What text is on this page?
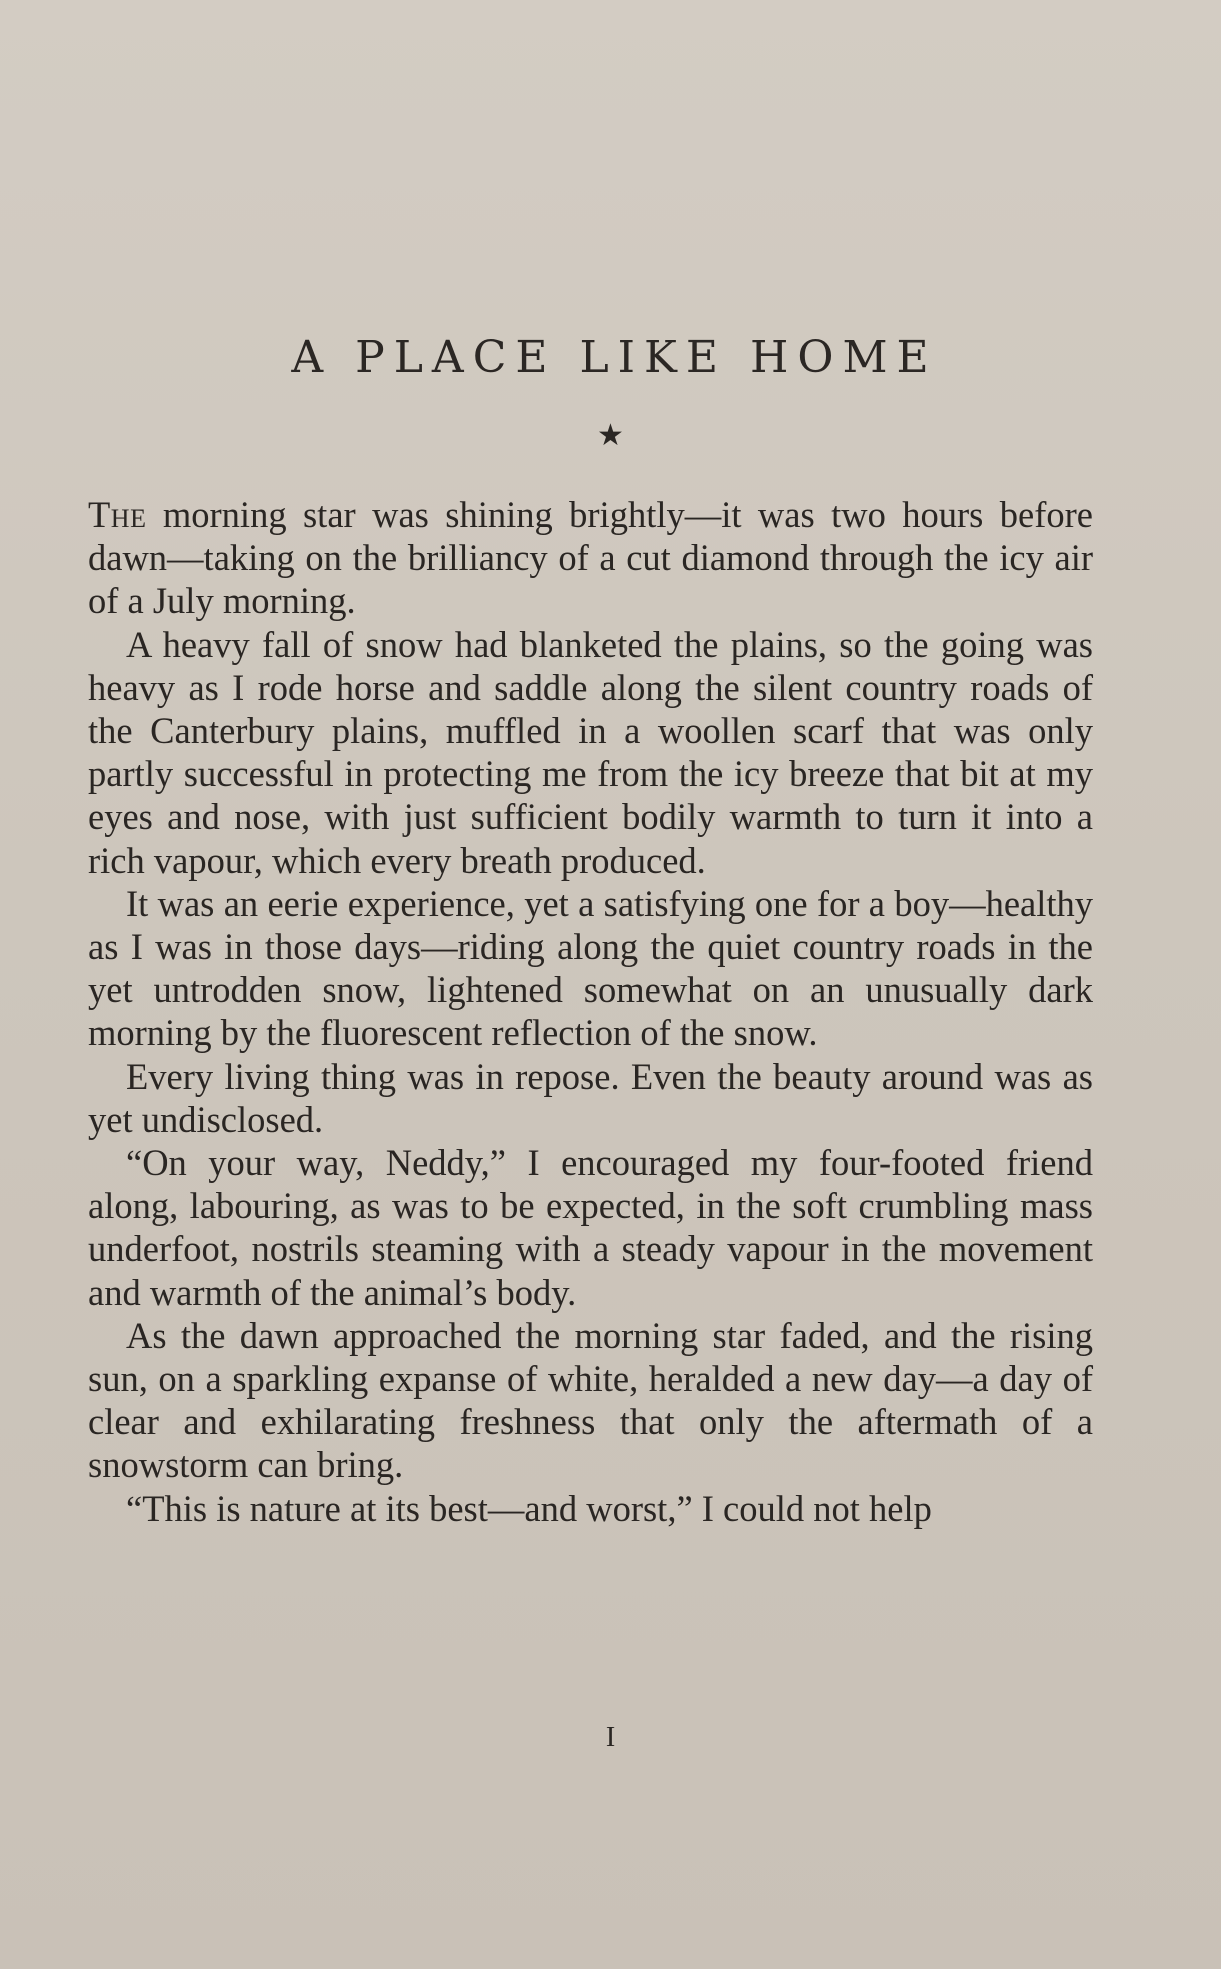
A PLACE LIKE HOME
★

The morning star was shining brightly—it was two hours before dawn—taking on the brilliancy of a cut diamond through the icy air of a July morning.

A heavy fall of snow had blanketed the plains, so the going was heavy as I rode horse and saddle along the silent country roads of the Canterbury plains, muffled in a woollen scarf that was only partly successful in protecting me from the icy breeze that bit at my eyes and nose, with just sufficient bodily warmth to turn it into a rich vapour, which every breath produced.

It was an eerie experience, yet a satisfying one for a boy—healthy as I was in those days—riding along the quiet country roads in the yet untrodden snow, lightened somewhat on an unusually dark morning by the fluorescent reflection of the snow.

Every living thing was in repose. Even the beauty around was as yet undisclosed.

“On your way, Neddy,” I encouraged my four-footed friend along, labouring, as was to be expected, in the soft crumbling mass underfoot, nostrils steaming with a steady vapour in the movement and warmth of the animal’s body.

As the dawn approached the morning star faded, and the rising sun, on a sparkling expanse of white, heralded a new day—a day of clear and exhilarating freshness that only the aftermath of a snowstorm can bring.

“This is nature at its best—and worst,” I could not help

I
